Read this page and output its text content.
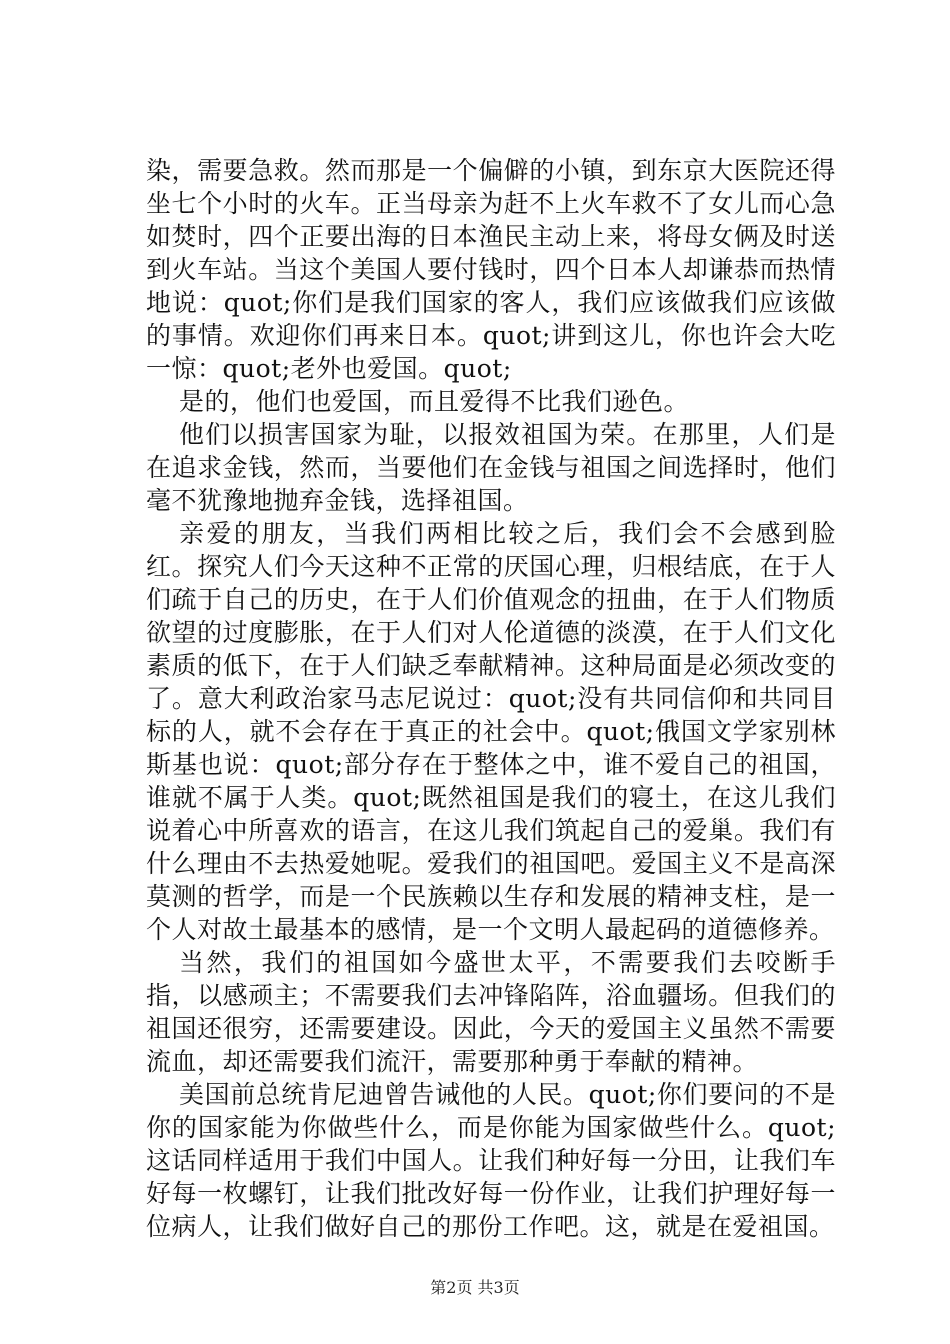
染，需要急救。然而那是一个偏僻的小镇，到东京大医院还得坐七个小时的火车。正当母亲为赶不上火车救不了女儿而心急如焚时，四个正要出海的日本渔民主动上来，将母女俩及时送到火车站。当这个美国人要付钱时，四个日本人却谦恭而热情地说：quot;你们是我们国家的客人，我们应该做我们应该做的事情。欢迎你们再来日本。quot;讲到这儿，你也许会大吃一惊：quot;老外也爱国。quot;

是的，他们也爱国，而且爱得不比我们逊色。

他们以损害国家为耻，以报效祖国为荣。在那里，人们是在追求金钱，然而，当要他们在金钱与祖国之间选择时，他们毫不犹豫地抛弃金钱，选择祖国。

亲爱的朋友，当我们两相比较之后，我们会不会感到脸红。探究人们今天这种不正常的厌国心理，归根结底，在于人们疏于自己的历史，在于人们价值观念的扭曲，在于人们物质欲望的过度膨胀，在于人们对人伦道德的淡漠，在于人们文化素质的低下，在于人们缺乏奉献精神。这种局面是必须改变的了。意大利政治家马志尼说过：quot;没有共同信仰和共同目标的人，就不会存在于真正的社会中。quot;俄国文学家别林斯基也说：quot;部分存在于整体之中，谁不爱自己的祖国，谁就不属于人类。quot;既然祖国是我们的寝土，在这儿我们说着心中所喜欢的语言，在这儿我们筑起自己的爱巢。我们有什么理由不去热爱她呢。爱我们的祖国吧。爱国主义不是高深莫测的哲学，而是一个民族赖以生存和发展的精神支柱，是一个人对故土最基本的感情，是一个文明人最起码的道德修养。

当然，我们的祖国如今盛世太平，不需要我们去咬断手指，以感顽主；不需要我们去冲锋陷阵，浴血疆场。但我们的祖国还很穷，还需要建设。因此，今天的爱国主义虽然不需要流血，却还需要我们流汗，需要那种勇于奉献的精神。

美国前总统肯尼迪曾告诫他的人民。quot;你们要问的不是你的国家能为你做些什么，而是你能为国家做些什么。quot;这话同样适用于我们中国人。让我们种好每一分田，让我们车好每一枚螺钉，让我们批改好每一份作业，让我们护理好每一位病人，让我们做好自己的那份工作吧。这，就是在爱祖国。

第2页 共3页
